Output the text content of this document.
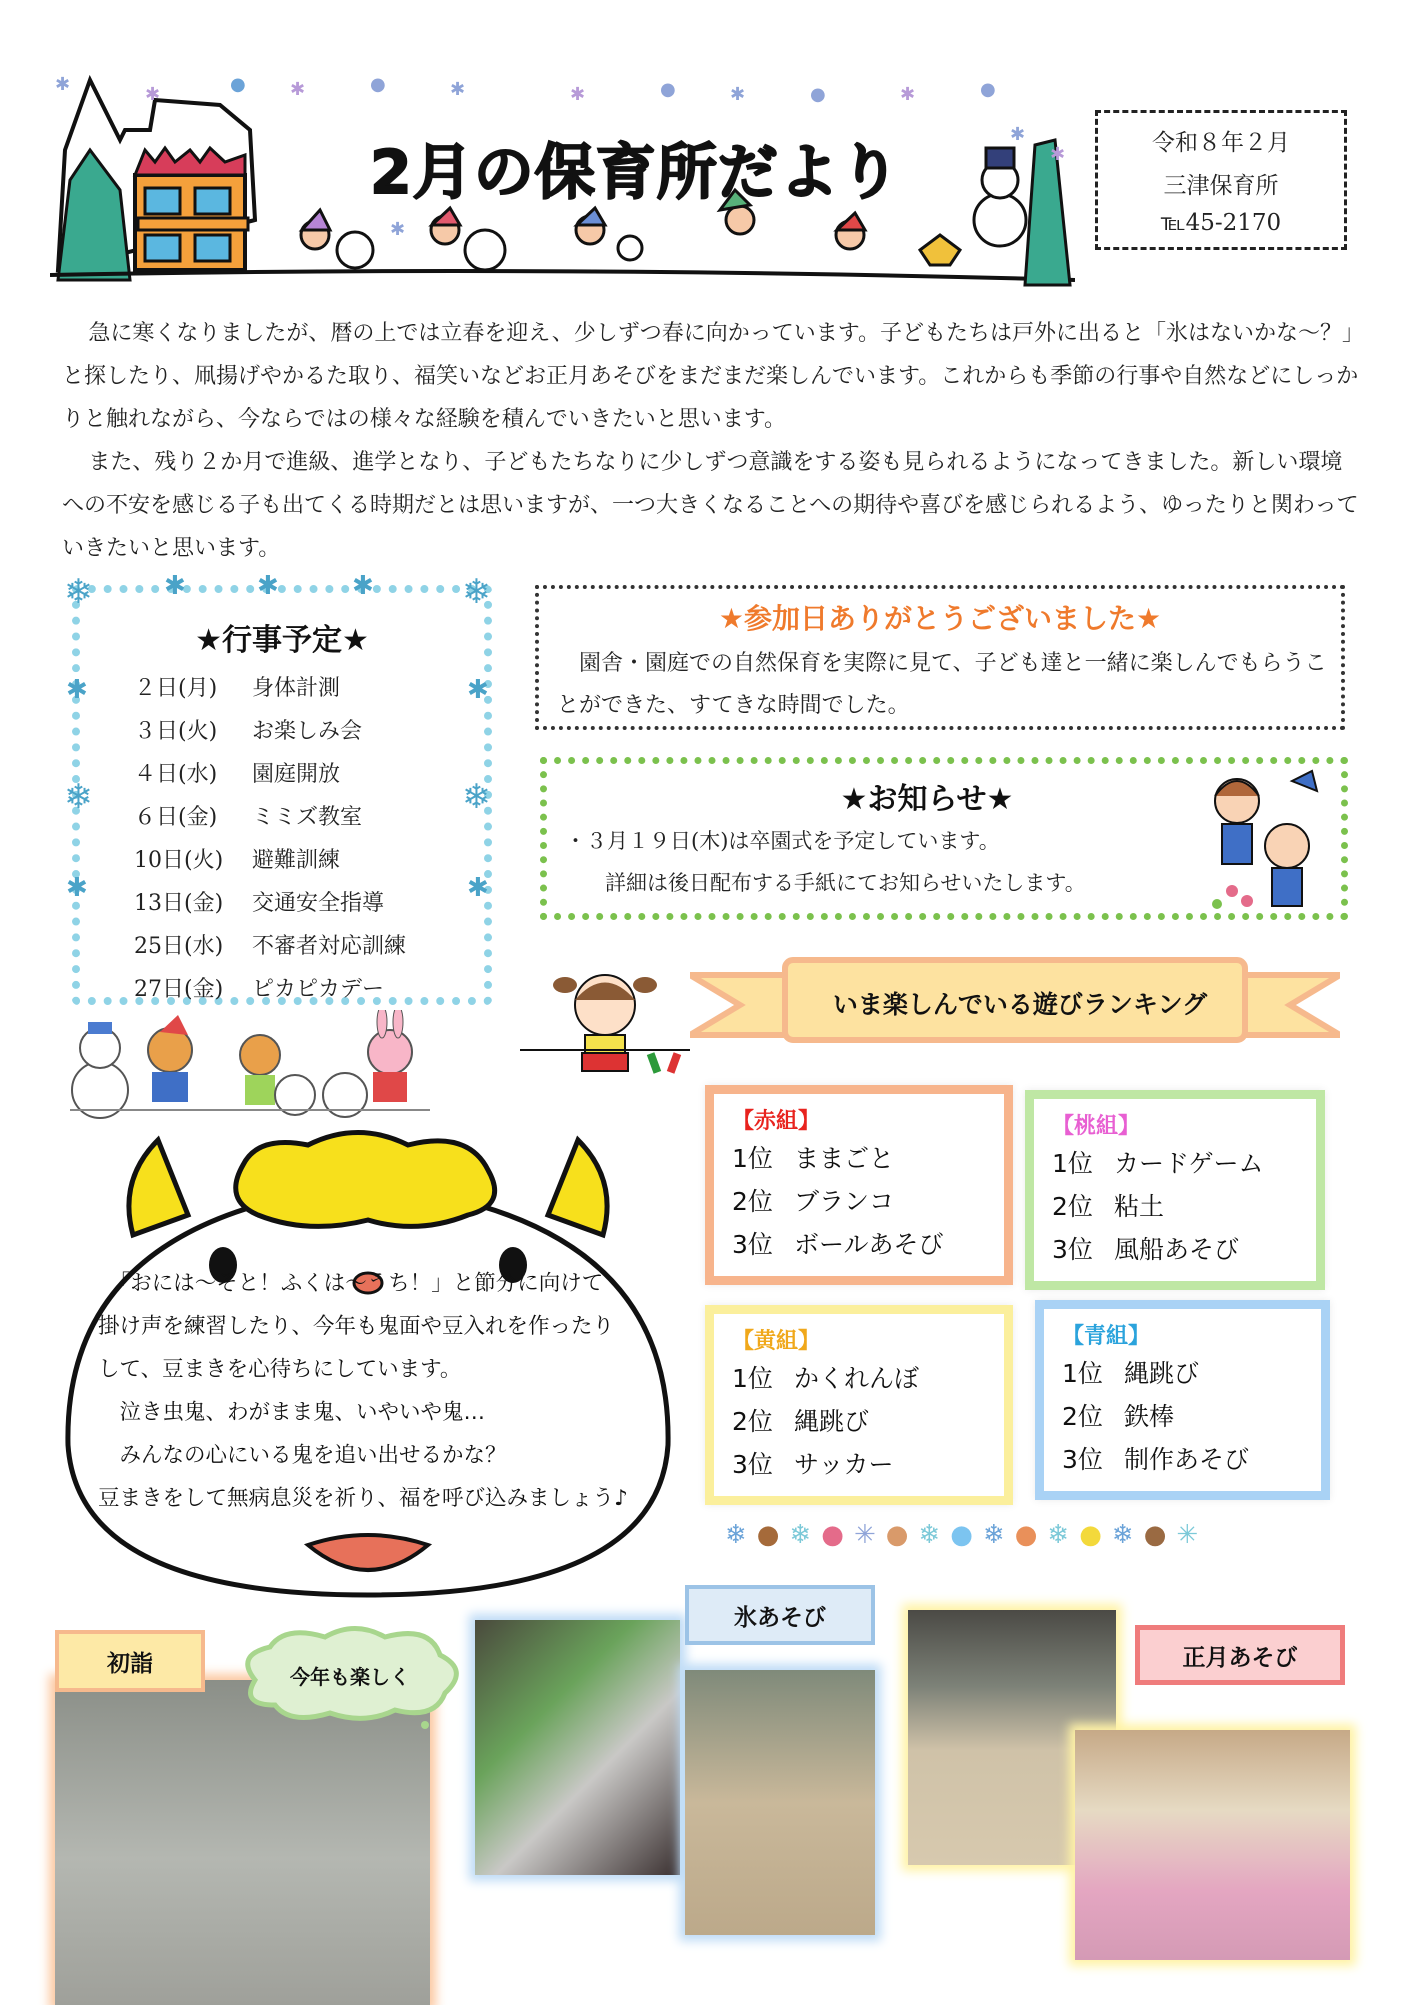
✱	✱	● ✱	●	✱	✱	●	✱	●	✱	●
✱
✱
✱
2月の保育所だより	令和８年２月
三津保育所
℡45-2170

急に寒くなりましたが、暦の上では立春を迎え、少しずつ春に向かっています。子どもたちは戸外に出ると「氷はないかな～？」と探したり、凧揚げやかるた取り、福笑いなどお正月あそびをまだまだ楽しんでいます。これからも季節の行事や自然などにしっかりと触れながら、今ならではの様々な経験を積んでいきたいと思います。

また、残り２か月で進級、進学となり、子どもたちなりに少しずつ意識をする姿も見られるようになってきました。新しい環境への不安を感じる子も出てくる時期だとは思いますが、一つ大きくなることへの期待や喜びを感じられるよう、ゆったりと関わっていきたいと思います。

❄	✱	✱	✱	❄
✱
❄
✱
✱
❄
✱
★行事予定★
２日(月)	身体計測
３日(火)	お楽しみ会
４日(水)	園庭開放
６日(金)	ミミズ教室
10日(火)	避難訓練
13日(金)	交通安全指導
25日(水)	不審者対応訓練
27日(金)	ピカピカデー
★参加日ありがとうございました★
　園舎・園庭での自然保育を実際に見て、子ども達と一緒に楽しんでもらうことができた、すてきな時間でした。
★お知らせ★
・３月１９日(木)は卒園式を予定しています。
詳細は後日配布する手紙にてお知らせいたします。
いま楽しんでいる遊びランキング
【赤組】
1位 ままごと
2位 ブランコ
3位 ボールあそび
【桃組】
1位 カードゲーム
2位 粘土
3位 風船あそび
【黄組】
1位 かくれんぼ
2位 縄跳び
3位 サッカー
【青組】
1位 縄跳び
2位 鉄棒
3位 制作あそび
　「おには～そと！ふくは～うち！」と節分に向けて
掛け声を練習したり、今年も鬼面や豆入れを作ったり
して、豆まきを心待ちにしています。
　泣き虫鬼、わがまま鬼、いやいや鬼…
　みんなの心にいる鬼を追い出せるかな？
豆まきをして無病息災を祈り、福を呼び込みましょう♪
❄ ● ❄ ● ✳ ● ❄ ● ❄ ● ❄ ● ❄ ● ✳
初詣	今年も楽しく
氷あそび
正月あそび
